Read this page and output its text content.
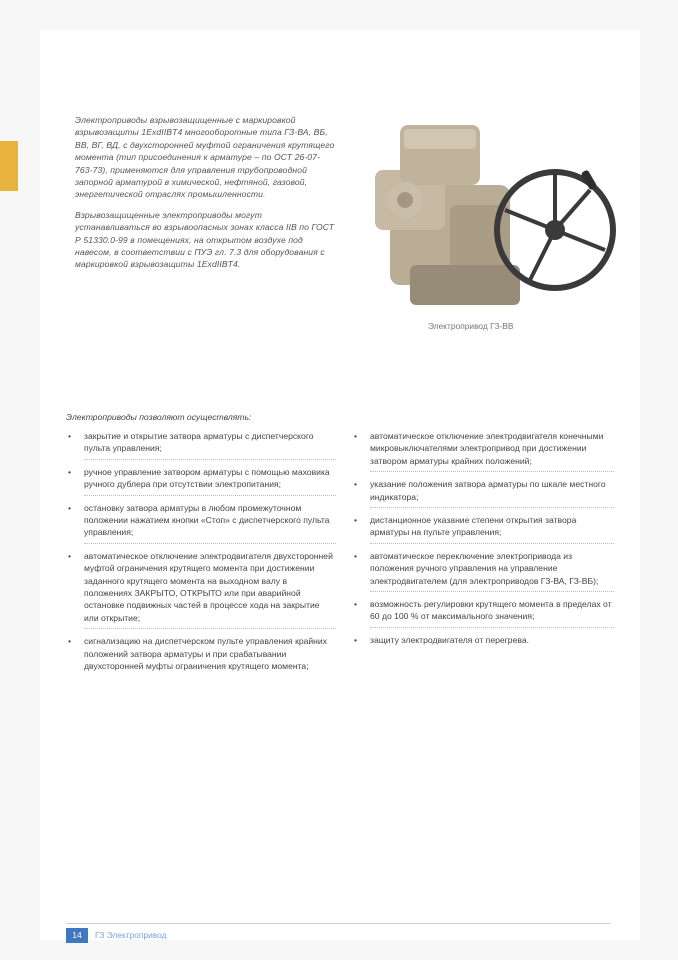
Электроприводы взрывозащищенные с маркировкой взрывозащиты 1ExdIIBT4 многооборотные типа ГЗ-ВА, ВБ, ВВ, ВГ, ВД, с двухсторонней муфтой ограничения крутящего момента (тип присоединения к арматуре – по ОСТ 26-07-763-73), применяются для управления трубопроводной запорной арматурой в химической, нефтяной, газовой, энергетической отраслях промышленности.

Взрывозащищенные электроприводы могут устанавливаться во взрывоопасных зонах класса IIВ по ГОСТ Р 51330.0-99 в помещениях, на открытом воздухе под навесом, в соответствии с ПУЭ гл. 7.3 для оборудования с маркировкой взрывозащиты 1ExdIIBT4.

Электропривод ГЗ-ВВ
Электроприводы позволяют осуществлять:
• закрытие и открытие затвора арматуры с диспетчерского пульта управления;
• ручное управление затвором арматуры с помощью маховика ручного дублера при отсутствии электропитания;
• остановку затвора арматуры в любом промежуточном положении нажатием кнопки «Стоп» с диспетчерского пульта управления;
• автоматическое отключение электродвигателя двухсторонней муфтой ограничения крутящего момента при достижении заданного крутящего момента на выходном валу в положениях ЗАКРЫТО, ОТКРЫТО или при аварийной остановке подвижных частей в процессе хода на закрытие или открытие;
• сигнализацию на диспетчерском пульте управления крайних положений затвора арматуры и при срабатывании двухсторонней муфты ограничения крутящего момента;
• автоматическое отключение электродвигателя конечными микровыключателями электропривод при достижении затвором арматуры крайних положений;
• указание положения затвора арматуры по шкале местного индикатора;
• дистанционное указание степени открытия затвора арматуры на пульте управления;
• автоматическое переключение электропривода из положения ручного управления на управление электродвигателем (для электроприводов ГЗ-ВА, ГЗ-ВБ);
• возможность регулировки крутящего момента в пределах от 60 до 100 % от максимального значения;
• защиту электродвигателя от перегрева.
14	ГЗ Электропривод
